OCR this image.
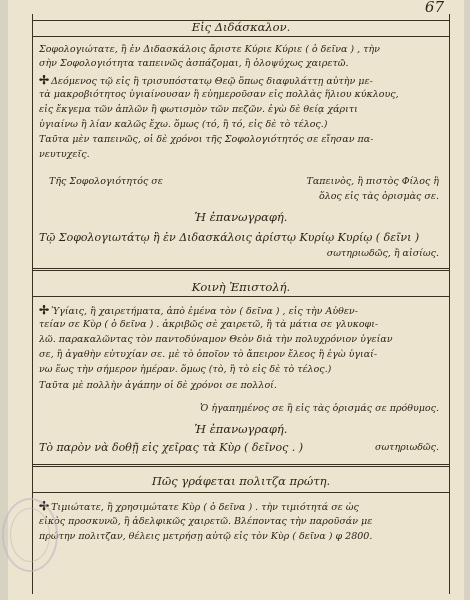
67
Εἰς Διδάσκαλον.
Σοφολογιώτατε, ἢ ἐν Διδασκάλοις ἄριστε Κύριε Κύριε ( ὁ δεῖνα ) , τὴν
σὴν Σοφολογιότητα ταπεινῶς ἀσπάζομαι, ἢ ὁλοψύχως χαιρετῶ.
✢ Δεόμενος τῷ εἰς ἢ τρισυπόστατῳ Θεῷ ὅπως διαφυλάττῃ αὐτὴν με-
τὰ μακροβιότητος ὑγιαίνουσαν ἢ εὐημεροῦσαν εἰς πολλὰς ἥλιου κύκλους,
εἰς ἔκγεμα τῶν ἀπλῶν ἢ φωτισμὸν τῶν πεζῶν. ἐγὼ δὲ θείᾳ χάριτι
ὑγιαίνω ἢ λίαν καλῶς ἔχω. ὅμως (τό, ἢ τό, εἰς δὲ τὸ τέλος.)
Ταῦτα μὲν ταπεινῶς, οἱ δὲ χρόνοι τῆς Σοφολογιότητός σε εἴησαν πα-
νευτυχεῖς.
Τῆς Σοφολογιότητός σε	Ταπεινὸς, ἢ πιστὸς Φίλος ἢ
ὅλος εἰς τὰς ὁρισμὰς σε.
Ἡ ἐπανωγραφή.
Τῷ Σοφολογιωτάτῳ ἢ ἐν Διδασκάλοις ἀρίστῳ Κυρίῳ Κυρίῳ ( δεῖνι )
σωτηριωδῶς, ἢ αἰσίως.
Κοινὴ Ἐπιστολή.
✢ Ὑγίαις, ἢ χαιρετήματα, ἀπὸ ἐμένα τὸν ( δεῖνα ) , εἰς τὴν Αὐθεν-
τείαν σε Κὺρ ( ὁ δεῖνα ) . ἀκριβῶς σὲ χαιρετῶ, ἢ τὰ μάτια σε γλυκοφι-
λῶ. παρακαλῶντας τὸν παντοδύναμον Θεὸν διὰ τὴν πολυχρόνιον ὑγείαν
σε, ἢ ἀγαθὴν εὐτυχίαν σε. μὲ τὸ ὁποῖον τὸ ἄπειρον ἔλεος ἢ ἐγὼ ὑγιαί-
νω ἕως τὴν σήμερον ἡμέραν. ὅμως (τὸ, ἢ τὸ εἰς δὲ τὸ τέλος.)
Ταῦτα μὲ πολλὴν ἀγάπην οἱ δὲ χρόνοι σε πολλοί.
Ὁ ἠγαπημένος σε ἢ εἰς τὰς ὁρισμάς σε πρόθυμος.
Ἡ ἐπανωγραφή.
Τὸ παρὸν νὰ δοθῇ εἰς χεῖρας τὰ Κὺρ ( δεῖνος . )	σωτηριωδῶς.
Πῶς γράφεται πολιτζα πρώτη.
✢ Τιμιώτατε, ἢ χρησιμώτατε Κὺρ ( ὁ δεῖνα ) . τὴν τιμιότητά σε ὡς
εἰκὸς προσκυνῶ, ἢ ἀδελφικῶς χαιρετῶ. Βλέποντας τὴν παροῦσάν με
πρώτην πολιτζαν, θέλεις μετρήσῃ αὐτῷ εἰς τὸν Κὺρ ( δεῖνα ) φ 2800.
